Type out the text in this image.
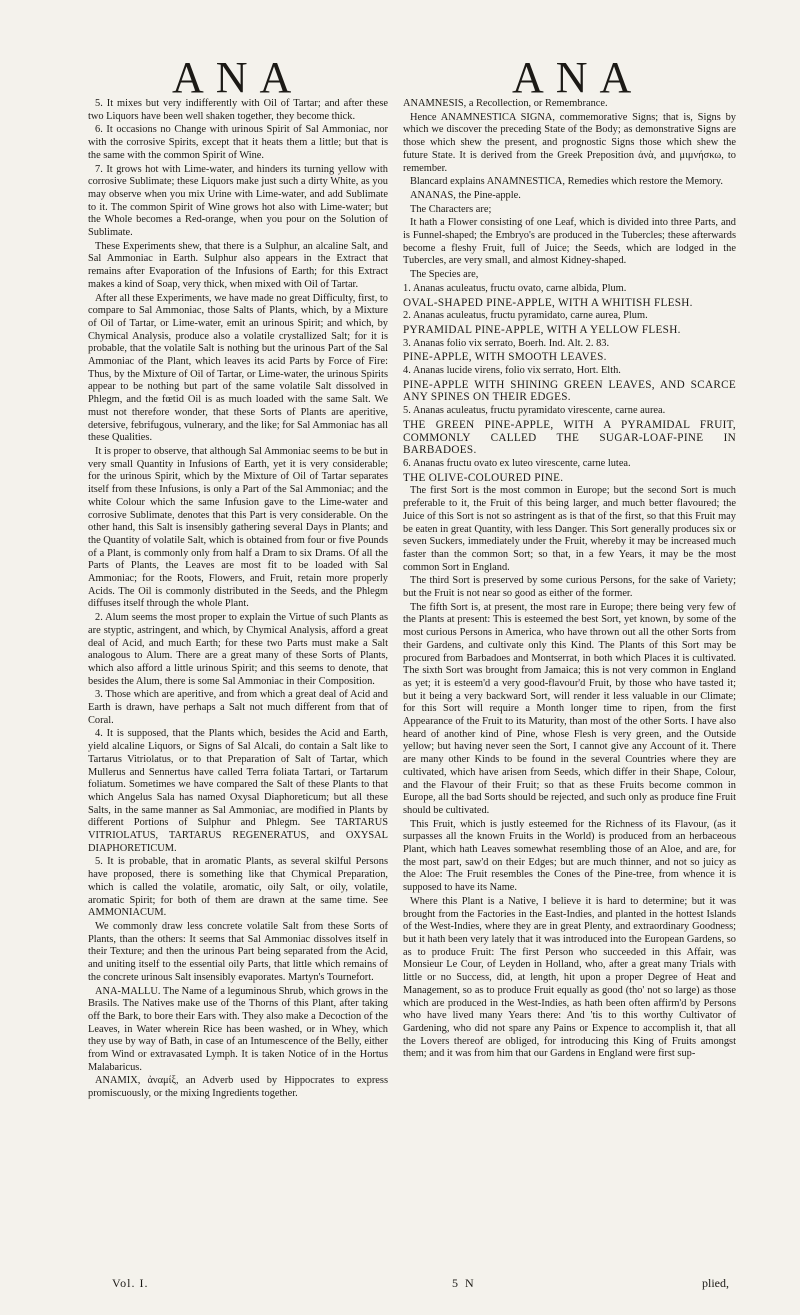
ANA	ANA

5. It mixes but very indifferently with Oil of Tartar; and after these two Liquors have been well shaken together, they become thick.

6. It occasions no Change with urinous Spirit of Sal Ammoniac, nor with the corrosive Spirits, except that it heats them a little; but that is the same with the common Spirit of Wine.

7. It grows hot with Lime-water, and hinders its turning yellow with corrosive Sublimate; these Liquors make just such a dirty White, as you may observe when you mix Urine with Lime-water, and add Sublimate to it. The common Spirit of Wine grows hot also with Lime-water; but the Whole becomes a Red-orange, when you pour on the Solution of Sublimate.

These Experiments shew, that there is a Sulphur, an alcaline Salt, and Sal Ammoniac in Earth. Sulphur also appears in the Extract that remains after Evaporation of the Infusions of Earth; for this Extract makes a kind of Soap, very thick, when mixed with Oil of Tartar.

After all these Experiments, we have made no great Difficulty, first, to compare to Sal Ammoniac, those Salts of Plants, which, by a Mixture of Oil of Tartar, or Lime-water, emit an urinous Spirit; and which, by Chymical Analysis, produce also a volatile crystallized Salt; for it is probable, that the volatile Salt is nothing but the urinous Part of the Sal Ammoniac of the Plant, which leaves its acid Parts by Force of Fire: Thus, by the Mixture of Oil of Tartar, or Lime-water, the urinous Spirits appear to be nothing but part of the same volatile Salt dissolved in Phlegm, and the fœtid Oil is as much loaded with the same Salt. We must not therefore wonder, that these Sorts of Plants are aperitive, detersive, febrifugous, vulnerary, and the like; for Sal Ammoniac has all these Qualities.

It is proper to observe, that although Sal Ammoniac seems to be but in very small Quantity in Infusions of Earth, yet it is very considerable; for the urinous Spirit, which by the Mixture of Oil of Tartar separates itself from these Infusions, is only a Part of the Sal Ammoniac; and the white Colour which the same Infusion gave to the Lime-water and corrosive Sublimate, denotes that this Part is very considerable. On the other hand, this Salt is insensibly gathering several Days in Plants; and the Quantity of volatile Salt, which is obtained from four or five Pounds of a Plant, is commonly only from half a Dram to six Drams. Of all the Parts of Plants, the Leaves are most fit to be loaded with Sal Ammoniac; for the Roots, Flowers, and Fruit, retain more properly Acids. The Oil is commonly distributed in the Seeds, and the Phlegm diffuses itself through the whole Plant.

2. Alum seems the most proper to explain the Virtue of such Plants as are styptic, astringent, and which, by Chymical Analysis, afford a great deal of Acid, and much Earth; for these two Parts must make a Salt analogous to Alum. There are a great many of these Sorts of Plants, which also afford a little urinous Spirit; and this seems to denote, that besides the Alum, there is some Sal Ammoniac in their Composition.

3. Those which are aperitive, and from which a great deal of Acid and Earth is drawn, have perhaps a Salt not much different from that of Coral.

4. It is supposed, that the Plants which, besides the Acid and Earth, yield alcaline Liquors, or Signs of Sal Alcali, do contain a Salt like to Tartarus Vitriolatus, or to that Preparation of Salt of Tartar, which Mullerus and Sennertus have called Terra foliata Tartari, or Tartarum foliatum. Sometimes we have compared the Salt of these Plants to that which Angelus Sala has named Oxysal Diaphoreticum; but all these Salts, in the same manner as Sal Ammoniac, are modified in Plants by different Portions of Sulphur and Phlegm. See TARTARUS VITRIOLATUS, TARTARUS REGENERATUS, and OXYSAL DIAPHORETICUM.

5. It is probable, that in aromatic Plants, as several skilful Persons have proposed, there is something like that Chymical Preparation, which is called the volatile, aromatic, oily Salt, or oily, volatile, aromatic Spirit; for both of them are drawn at the same time. See AMMONIACUM.

We commonly draw less concrete volatile Salt from these Sorts of Plants, than the others: It seems that Sal Ammoniac dissolves itself in their Texture; and then the urinous Part being separated from the Acid, and uniting itself to the essential oily Parts, that little which remains of the concrete urinous Salt insensibly evaporates. Martyn's Tournefort.

ANA-MALLU. The Name of a leguminous Shrub, which grows in the Brasils. The Natives make use of the Thorns of this Plant, after taking off the Bark, to bore their Ears with. They also make a Decoction of the Leaves, in Water wherein Rice has been washed, or in Whey, which they use by way of Bath, in case of an Intumescence of the Belly, either from Wind or extravasated Lymph. It is taken Notice of in the Hortus Malabaricus.

ANAMIX, ἀναμίξ, an Adverb used by Hippocrates to express promiscuously, or the mixing Ingredients together.

ANAMNESIS, a Recollection, or Remembrance.

Hence ANAMNESTICA SIGNA, commemorative Signs; that is, Signs by which we discover the preceding State of the Body; as demonstrative Signs are those which shew the present, and prognostic Signs those which shew the future State. It is derived from the Greek Preposition ἀνὰ, and μιμνήσκω, to remember.

Blancard explains ANAMNESTICA, Remedies which restore the Memory.

ANANAS, the Pine-apple.

The Characters are;

It hath a Flower consisting of one Leaf, which is divided into three Parts, and is Funnel-shaped; the Embryo's are produced in the Tubercles; these afterwards become a fleshy Fruit, full of Juice; the Seeds, which are lodged in the Tubercles, are very small, and almost Kidney-shaped.

The Species are,

1. Ananas aculeatus, fructu ovato, carne albida, Plum.

OVAL-SHAPED PINE-APPLE, WITH A WHITISH FLESH.

2. Ananas aculeatus, fructu pyramidato, carne aurea, Plum.

PYRAMIDAL PINE-APPLE, WITH A YELLOW FLESH.

3. Ananas folio vix serrato, Boerh. Ind. Alt. 2. 83.

PINE-APPLE, WITH SMOOTH LEAVES.

4. Ananas lucide virens, folio vix serrato, Hort. Elth.

PINE-APPLE WITH SHINING GREEN LEAVES, AND SCARCE ANY SPINES ON THEIR EDGES.

5. Ananas aculeatus, fructu pyramidato virescente, carne aurea.

THE GREEN PINE-APPLE, WITH A PYRAMIDAL FRUIT, COMMONLY CALLED THE SUGAR-LOAF-PINE IN BARBADOES.

6. Ananas fructu ovato ex luteo virescente, carne lutea.

THE OLIVE-COLOURED PINE.

The first Sort is the most common in Europe; but the second Sort is much preferable to it, the Fruit of this being larger, and much better flavoured; the Juice of this Sort is not so astringent as is that of the first, so that this Fruit may be eaten in great Quantity, with less Danger. This Sort generally produces six or seven Suckers, immediately under the Fruit, whereby it may be increased much faster than the common Sort; so that, in a few Years, it may be the most common Sort in England.

The third Sort is preserved by some curious Persons, for the sake of Variety; but the Fruit is not near so good as either of the former.

The fifth Sort is, at present, the most rare in Europe; there being very few of the Plants at present: This is esteemed the best Sort, yet known, by some of the most curious Persons in America, who have thrown out all the other Sorts from their Gardens, and cultivate only this Kind. The Plants of this Sort may be procured from Barbadoes and Montserrat, in both which Places it is cultivated. The sixth Sort was brought from Jamaica; this is not very common in England as yet; it is esteem'd a very good-flavour'd Fruit, by those who have tasted it; but it being a very backward Sort, will render it less valuable in our Climate; for this Sort will require a Month longer time to ripen, from the first Appearance of the Fruit to its Maturity, than most of the other Sorts. I have also heard of another kind of Pine, whose Flesh is very green, and the Outside yellow; but having never seen the Sort, I cannot give any Account of it. There are many other Kinds to be found in the several Countries where they are cultivated, which have arisen from Seeds, which differ in their Shape, Colour, and the Flavour of their Fruit; so that as these Fruits become common in Europe, all the bad Sorts should be rejected, and such only as produce fine Fruit should be cultivated.

This Fruit, which is justly esteemed for the Richness of its Flavour, (as it surpasses all the known Fruits in the World) is produced from an herbaceous Plant, which hath Leaves somewhat resembling those of an Aloe, and are, for the most part, saw'd on their Edges; but are much thinner, and not so juicy as the Aloe: The Fruit resembles the Cones of the Pine-tree, from whence it is supposed to have its Name.

Where this Plant is a Native, I believe it is hard to determine; but it was brought from the Factories in the East-Indies, and planted in the hottest Islands of the West-Indies, where they are in great Plenty, and extraordinary Goodness; but it hath been very lately that it was introduced into the European Gardens, so as to produce Fruit: The first Person who succeeded in this Affair, was Monsieur Le Cour, of Leyden in Holland, who, after a great many Trials with little or no Success, did, at length, hit upon a proper Degree of Heat and Management, so as to produce Fruit equally as good (tho' not so large) as those which are produced in the West-Indies, as hath been often affirm'd by Persons who have lived many Years there: And 'tis to this worthy Cultivator of Gardening, who did not spare any Pains or Expence to accomplish it, that all the Lovers thereof are obliged, for introducing this King of Fruits amongst them; and it was from him that our Gardens in England were first sup-

Vol. I.	5 N	plied,
